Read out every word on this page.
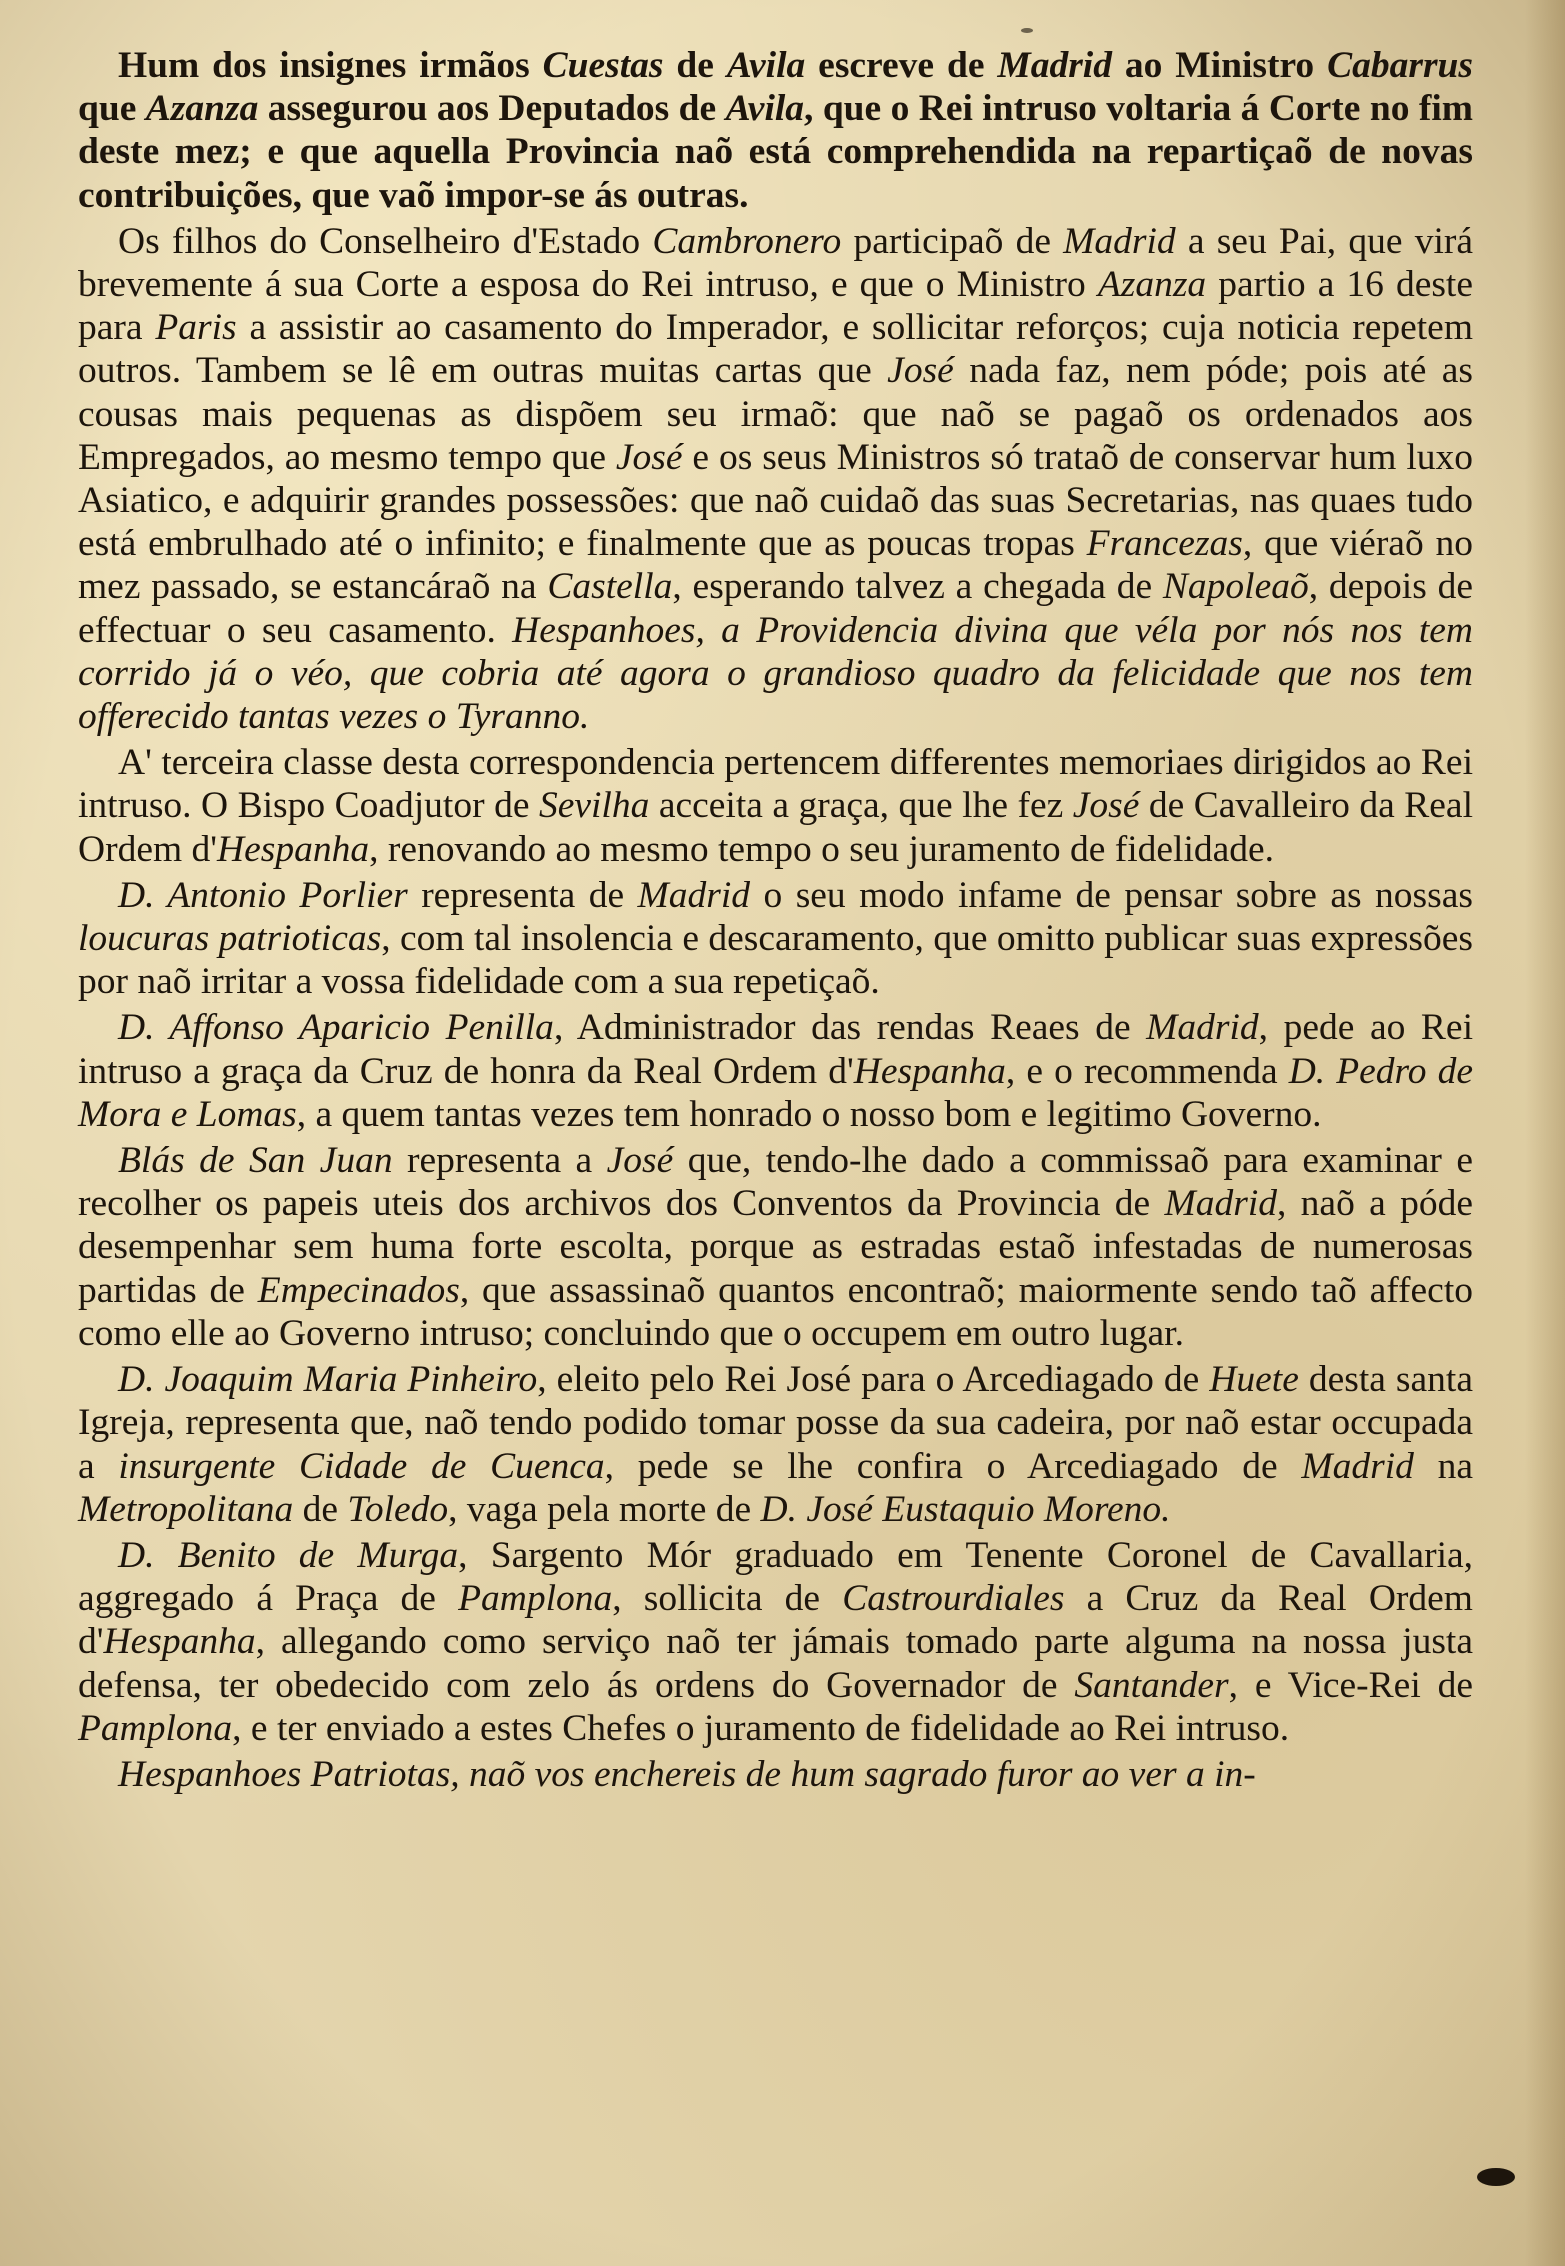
Hum dos insignes irmãos Cuestas de Avila escreve de Madrid ao Ministro Cabarrus que Azanza assegurou aos Deputados de Avila, que o Rei intruso voltaria á Corte no fim deste mez; e que aquella Provincia naõ está comprehendida na repartiçaõ de novas contribuições, que vaõ impor-se ás outras.

Os filhos do Conselheiro d'Estado Cambronero participaõ de Madrid a seu Pai, que virá brevemente á sua Corte a esposa do Rei intruso, e que o Ministro Azanza partio a 16 deste para Paris a assistir ao casamento do Imperador, e sollicitar reforços; cuja noticia repetem outros. Tambem se lê em outras muitas cartas que José nada faz, nem póde; pois até as cousas mais pequenas as dispõem seu irmaõ: que naõ se pagaõ os ordenados aos Empregados, ao mesmo tempo que José e os seus Ministros só trataõ de conservar hum luxo Asiatico, e adquirir grandes possessões: que naõ cuidaõ das suas Secretarias, nas quaes tudo está embrulhado até o infinito; e finalmente que as poucas tropas Francezas, que viéraõ no mez passado, se estancáraõ na Castella, esperando talvez a chegada de Napoleaõ, depois de effectuar o seu casamento. Hespanhoes, a Providencia divina que véla por nós nos tem corrido já o véo, que cobria até agora o grandioso quadro da felicidade que nos tem offerecido tantas vezes o Tyranno.

A' terceira classe desta correspondencia pertencem differentes memoriaes dirigidos ao Rei intruso. O Bispo Coadjutor de Sevilha acceita a graça, que lhe fez José de Cavalleiro da Real Ordem d'Hespanha, renovando ao mesmo tempo o seu juramento de fidelidade.

D. Antonio Porlier representa de Madrid o seu modo infame de pensar sobre as nossas loucuras patrioticas, com tal insolencia e descaramento, que omitto publicar suas expressões por naõ irritar a vossa fidelidade com a sua repetiçaõ.

D. Affonso Aparicio Penilla, Administrador das rendas Reaes de Madrid, pede ao Rei intruso a graça da Cruz de honra da Real Ordem d'Hespanha, e o recommenda D. Pedro de Mora e Lomas, a quem tantas vezes tem honrado o nosso bom e legitimo Governo.

Blás de San Juan representa a José que, tendo-lhe dado a commissaõ para examinar e recolher os papeis uteis dos archivos dos Conventos da Provincia de Madrid, naõ a póde desempenhar sem huma forte escolta, porque as estradas estaõ infestadas de numerosas partidas de Empecinados, que assassinaõ quantos encontraõ; maiormente sendo taõ affecto como elle ao Governo intruso; concluindo que o occupem em outro lugar.

D. Joaquim Maria Pinheiro, eleito pelo Rei José para o Arcediagado de Huete desta santa Igreja, representa que, naõ tendo podido tomar posse da sua cadeira, por naõ estar occupada a insurgente Cidade de Cuenca, pede se lhe confira o Arcediagado de Madrid na Metropolitana de Toledo, vaga pela morte de D. José Eustaquio Moreno.

D. Benito de Murga, Sargento Mór graduado em Tenente Coronel de Cavallaria, aggregado á Praça de Pamplona, sollicita de Castrourdiales a Cruz da Real Ordem d'Hespanha, allegando como serviço naõ ter jámais tomado parte alguma na nossa justa defensa, ter obedecido com zelo ás ordens do Governador de Santander, e Vice-Rei de Pamplona, e ter enviado a estes Chefes o juramento de fidelidade ao Rei intruso.

Hespanhoes Patriotas, naõ vos enchereis de hum sagrado furor ao ver a in-
